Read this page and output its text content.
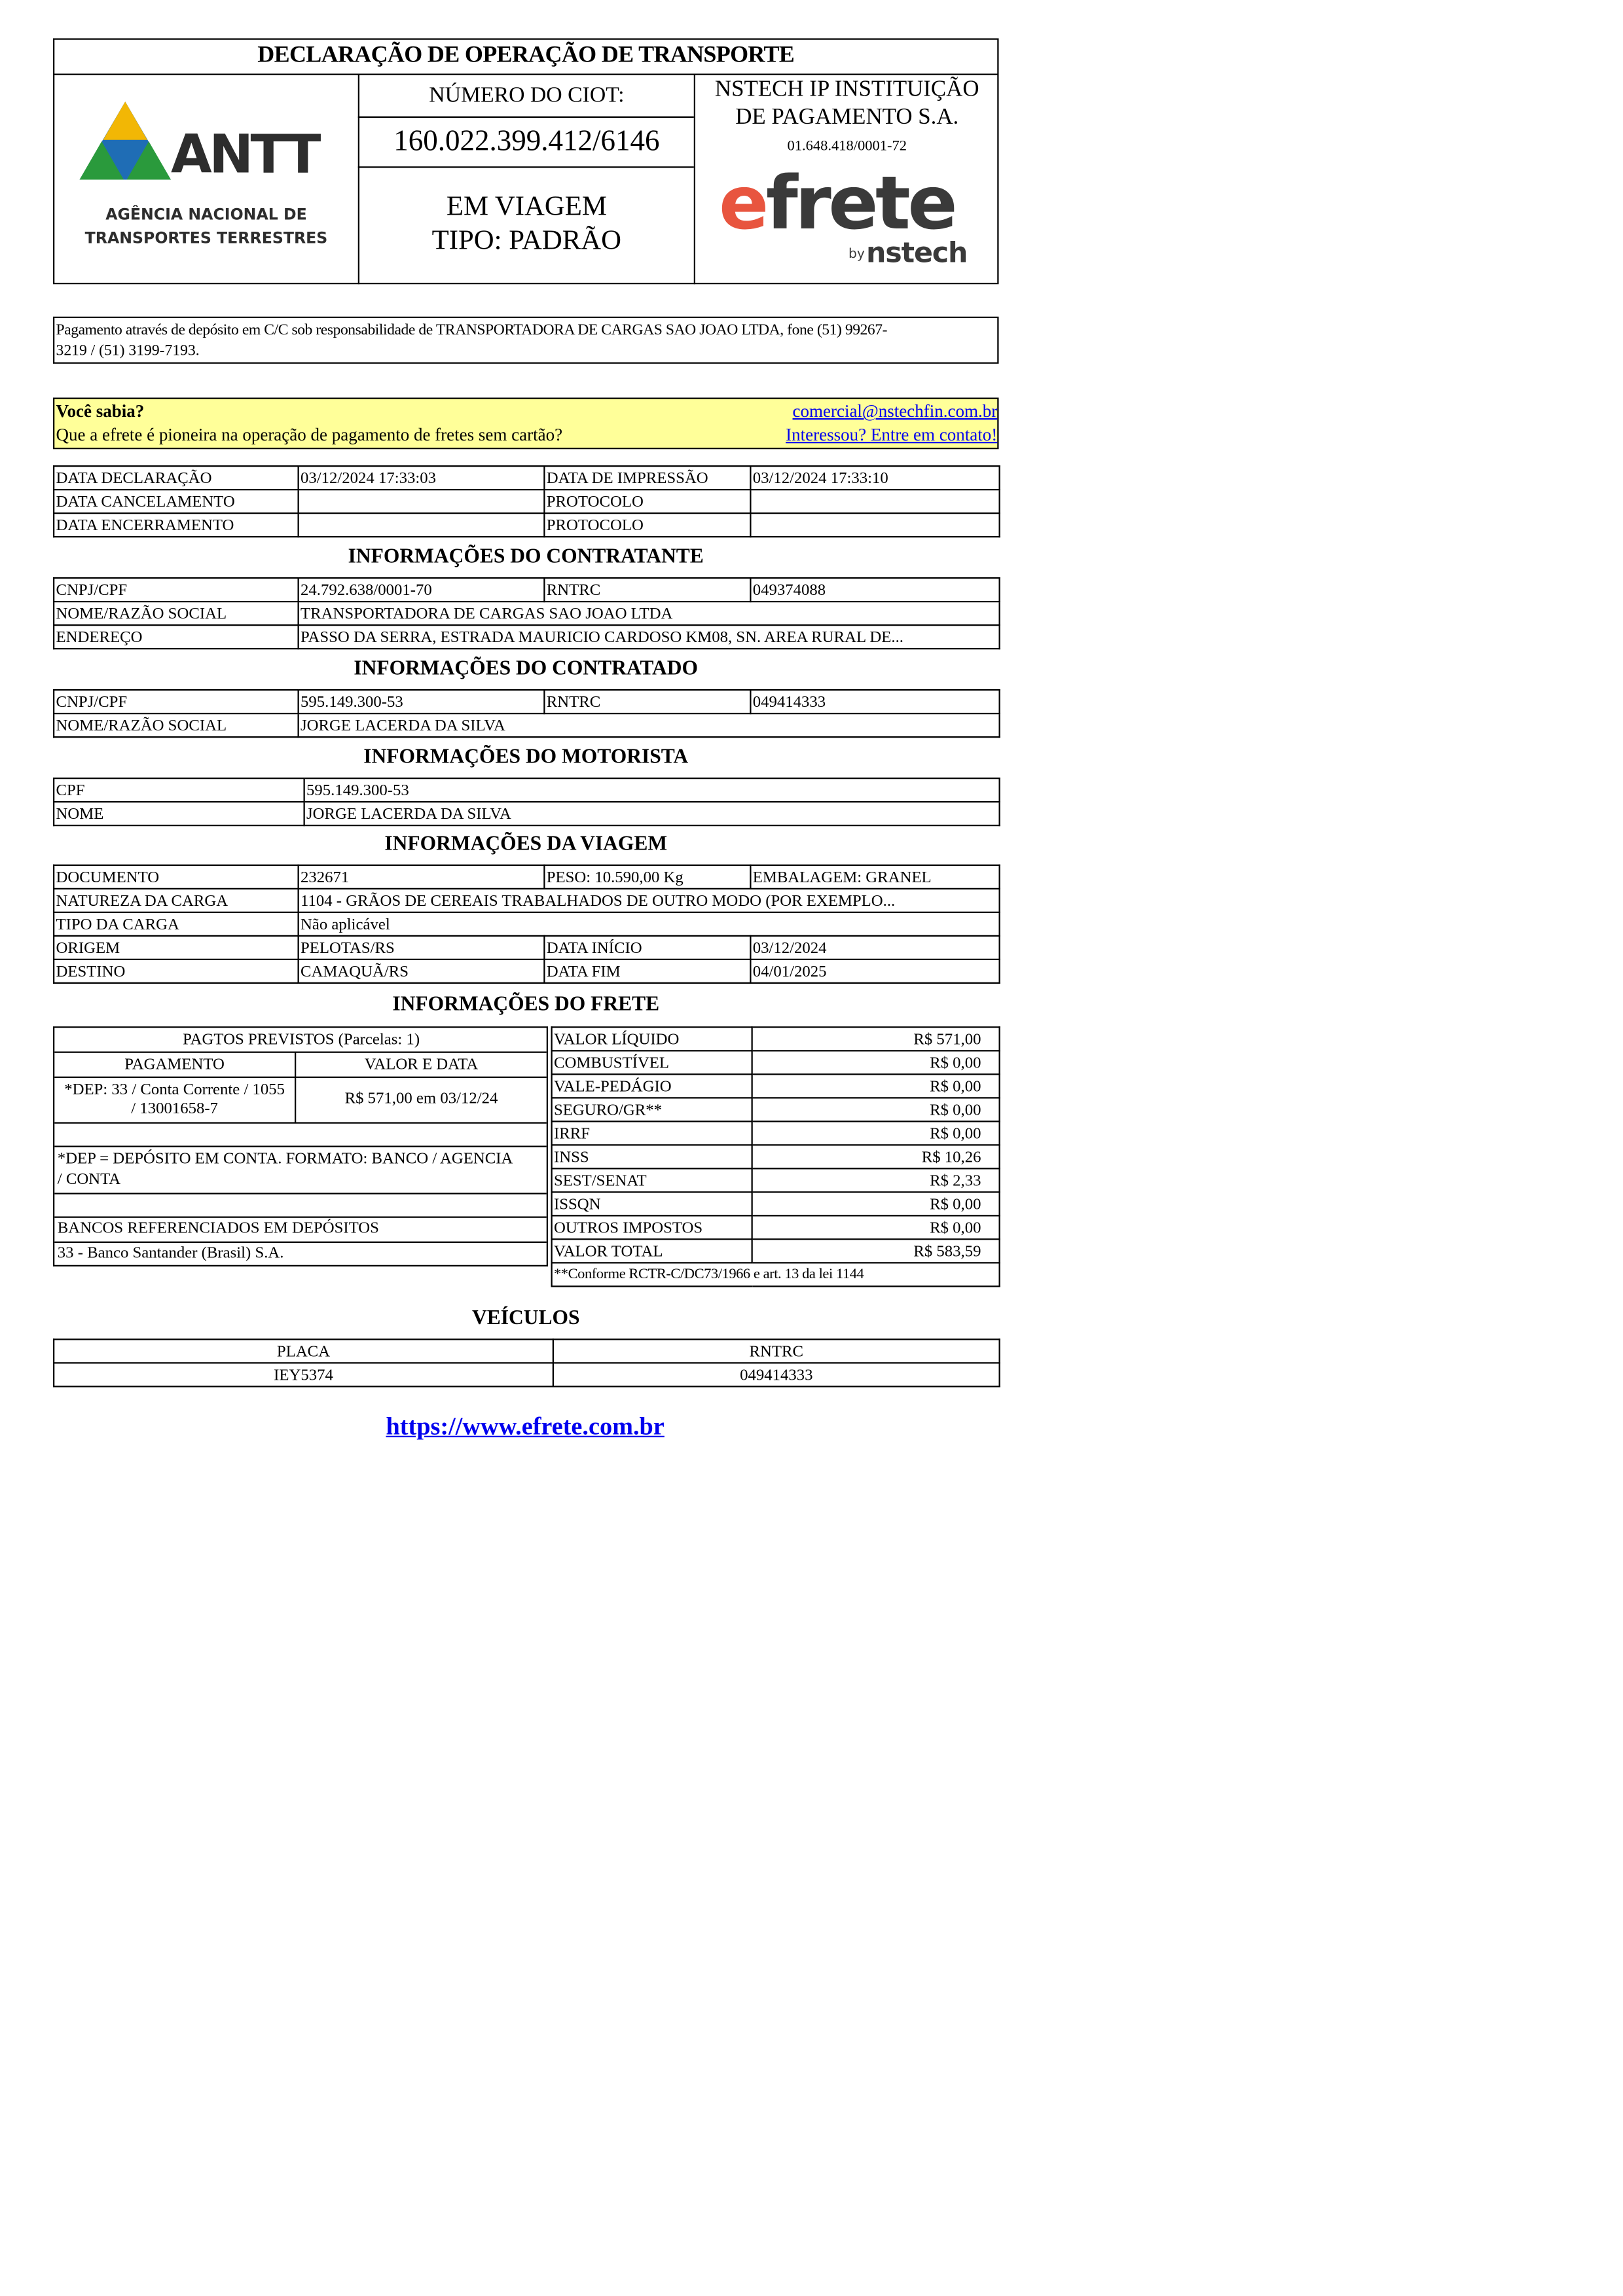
DECLARAÇÃO DE OPERAÇÃO DE TRANSPORTE
ANTT
AGÊNCIA NACIONAL DE
TRANSPORTES TERRESTRES
NÚMERO DO CIOT:
160.022.399.412/6146
EM VIAGEM
TIPO: PADRÃO
NSTECH IP INSTITUIÇÃO
DE PAGAMENTO S.A.
01.648.418/0001-72
efrete
by nstech
Pagamento através de depósito em C/C sob responsabilidade de TRANSPORTADORA DE CARGAS SAO JOAO LTDA, fone (51) 99267-
3219 / (51) 3199-7193.
Você sabia?
Que a efrete é pioneira na operação de pagamento de fretes sem cartão?
comercial@nstechfin.com.br
Interessou? Entre em contato!
DATA DECLARAÇÃO	03/12/2024 17:33:03	DATA DE IMPRESSÃO	03/12/2024 17:33:10
DATA CANCELAMENTO		PROTOCOLO	
DATA ENCERRAMENTO		PROTOCOLO	
INFORMAÇÕES DO CONTRATANTE
CNPJ/CPF	24.792.638/0001-70	RNTRC	049374088
NOME/RAZÃO SOCIAL	TRANSPORTADORA DE CARGAS SAO JOAO LTDA		
ENDEREÇO	PASSO DA SERRA, ESTRADA MAURICIO CARDOSO KM08, SN. AREA RURAL DE...		
INFORMAÇÕES DO CONTRATADO
CNPJ/CPF	595.149.300-53	RNTRC	049414333
NOME/RAZÃO SOCIAL	JORGE LACERDA DA SILVA		
INFORMAÇÕES DO MOTORISTA
CPF	595.149.300-53
NOME	JORGE LACERDA DA SILVA
INFORMAÇÕES DA VIAGEM
DOCUMENTO	232671	PESO: 10.590,00 Kg	EMBALAGEM: GRANEL
NATUREZA DA CARGA	1104 - GRÃOS DE CEREAIS TRABALHADOS DE OUTRO MODO (POR EXEMPLO...		
TIPO DA CARGA	Não aplicável		
ORIGEM	PELOTAS/RS	DATA INÍCIO	03/12/2024
DESTINO	CAMAQUÃ/RS	DATA FIM	04/01/2025
INFORMAÇÕES DO FRETE
PAGTOS PREVISTOS (Parcelas: 1)
PAGAMENTO	VALOR E DATA
*DEP: 33 / Conta Corrente / 1055
/ 13001658-7
R$ 571,00 em 03/12/24
*DEP = DEPÓSITO EM CONTA. FORMATO: BANCO / AGENCIA
/ CONTA
BANCOS REFERENCIADOS EM DEPÓSITOS
33 - Banco Santander (Brasil) S.A.
VALOR LÍQUIDO	R$ 571,00
COMBUSTÍVEL	R$ 0,00
VALE-PEDÁGIO	R$ 0,00
SEGURO/GR**	R$ 0,00
IRRF	R$ 0,00
INSS	R$ 10,26
SEST/SENAT	R$ 2,33
ISSQN	R$ 0,00
OUTROS IMPOSTOS	R$ 0,00
VALOR TOTAL	R$ 583,59
**Conforme RCTR-C/DC73/1966 e art. 13 da lei 1144	
VEÍCULOS
PLACA	RNTRC
IEY5374	049414333
https://www.efrete.com.br
